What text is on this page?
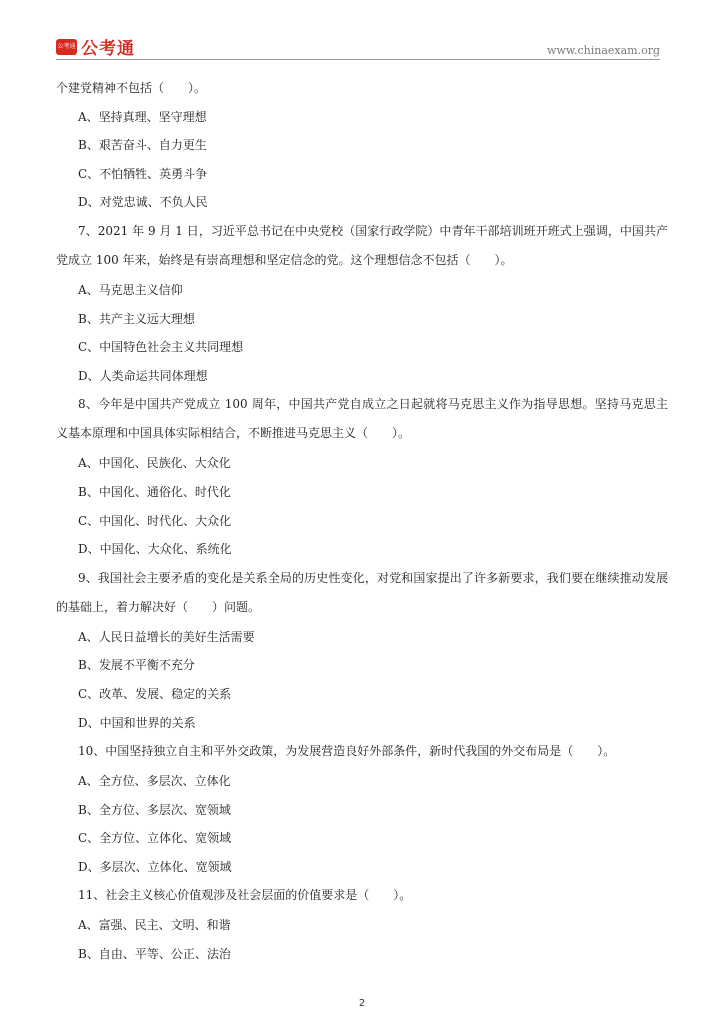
公考通 公考通	www.chinaexam.org
个建党精神不包括（　　）。
A、坚持真理、坚守理想
B、艰苦奋斗、自力更生
C、不怕牺牲、英勇斗争
D、对党忠诚、不负人民
7、2021 年 9 月 1 日，习近平总书记在中央党校（国家行政学院）中青年干部培训班开班式上强调，中国共产党成立 100 年来，始终是有崇高理想和坚定信念的党。这个理想信念不包括（　　）。
A、马克思主义信仰
B、共产主义远大理想
C、中国特色社会主义共同理想
D、人类命运共同体理想
8、今年是中国共产党成立 100 周年，中国共产党自成立之日起就将马克思主义作为指导思想。坚持马克思主义基本原理和中国具体实际相结合，不断推进马克思主义（　　）。
A、中国化、民族化、大众化
B、中国化、通俗化、时代化
C、中国化、时代化、大众化
D、中国化、大众化、系统化
9、我国社会主要矛盾的变化是关系全局的历史性变化，对党和国家提出了许多新要求，我们要在继续推动发展的基础上，着力解决好（　　）问题。
A、人民日益增长的美好生活需要
B、发展不平衡不充分
C、改革、发展、稳定的关系
D、中国和世界的关系
10、中国坚持独立自主和平外交政策，为发展营造良好外部条件，新时代我国的外交布局是（　　）。
A、全方位、多层次、立体化
B、全方位、多层次、宽领域
C、全方位、立体化、宽领域
D、多层次、立体化、宽领域
11、社会主义核心价值观涉及社会层面的价值要求是（　　）。
A、富强、民主、文明、和谐
B、自由、平等、公正、法治
2
